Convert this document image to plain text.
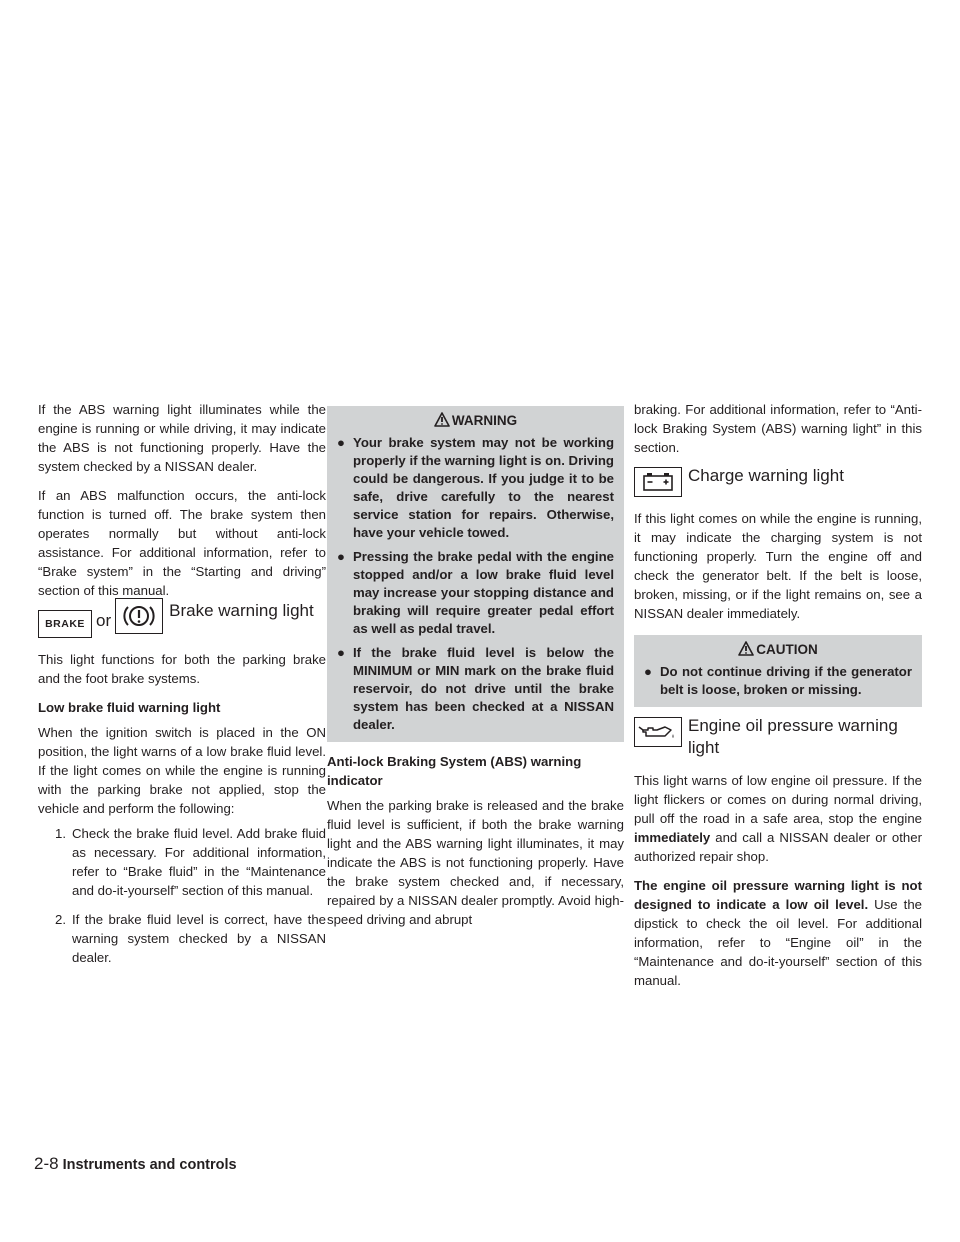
If the ABS warning light illuminates while the engine is running or while driving, it may indicate the ABS is not functioning properly. Have the system checked by a NISSAN dealer.

If an ABS malfunction occurs, the anti-lock function is turned off. The brake system then operates normally but without anti-lock assistance. For additional information, refer to “Brake system” in the “Starting and driving” section of this manual.

BRAKE or
Brake warning light

This light functions for both the parking brake and the foot brake systems.

Low brake fluid warning light

When the ignition switch is placed in the ON position, the light warns of a low brake fluid level. If the light comes on while the engine is running with the parking brake not applied, stop the vehicle and perform the following:

1. Check the brake fluid level. Add brake fluid as necessary. For additional information, refer to “Brake fluid” in the “Maintenance and do-it-yourself” section of this manual.
2. If the brake fluid level is correct, have the warning system checked by a NISSAN dealer.
WARNING
● Your brake system may not be working properly if the warning light is on. Driving could be dangerous. If you judge it to be safe, drive carefully to the nearest service station for repairs. Otherwise, have your vehicle towed.
● Pressing the brake pedal with the engine stopped and/or a low brake fluid level may increase your stopping distance and braking will require greater pedal effort as well as pedal travel.
● If the brake fluid level is below the MINIMUM or MIN mark on the brake fluid reservoir, do not drive until the brake system has been checked at a NISSAN dealer.

Anti-lock Braking System (ABS) warning indicator

When the parking brake is released and the brake fluid level is sufficient, if both the brake warning light and the ABS warning light illuminates, it may indicate the ABS is not functioning properly. Have the brake system checked and, if necessary, repaired by a NISSAN dealer promptly. Avoid high-speed driving and abrupt

braking. For additional information, refer to “Anti-lock Braking System (ABS) warning light” in this section.

Charge warning light

If this light comes on while the engine is running, it may indicate the charging system is not functioning properly. Turn the engine off and check the generator belt. If the belt is loose, broken, missing, or if the light remains on, see a NISSAN dealer immediately.

CAUTION
● Do not continue driving if the generator belt is loose, broken or missing.
Engine oil pressure warning light

This light warns of low engine oil pressure. If the light flickers or comes on during normal driving, pull off the road in a safe area, stop the engine immediately and call a NISSAN dealer or other authorized repair shop.

The engine oil pressure warning light is not designed to indicate a low oil level. Use the dipstick to check the oil level. For additional information, refer to “Engine oil” in the “Maintenance and do-it-yourself” section of this manual.

2-8 Instruments and controls
